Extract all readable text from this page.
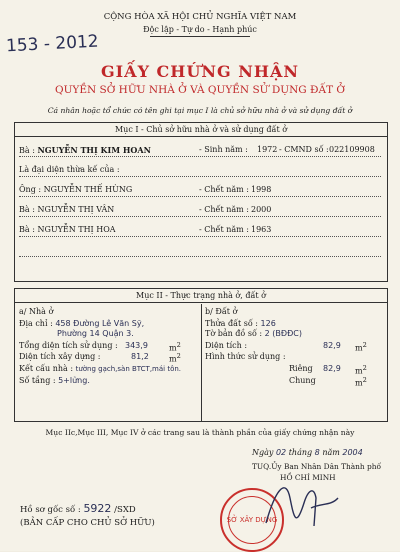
CỘNG HÒA XÃ HỘI CHỦ NGHĨA VIỆT NAM
Độc lập - Tự do - Hạnh phúc
153 - 2012
GIẤY CHỨNG NHẬN
QUYỀN SỞ HỮU NHÀ Ở VÀ QUYỀN SỬ DỤNG ĐẤT Ở
Cá nhân hoặc tổ chức có tên ghi tại mục I là chủ sở hữu nhà ở và sử dụng đất ở
Mục I - Chủ sở hữu nhà ở và sử dụng đất ở
Bà : NGUYỄN THỊ KIM HOAN	- Sinh năm : 1972 - CMND số : 022109908
Là đại diện thừa kế của :
Ông : NGUYỄN THẾ HÙNG	- Chết năm : 1998
Bà : NGUYỄN THỊ VÂN	- Chết năm : 2000
Bà : NGUYỄN THỊ HOA	- Chết năm : 1963
Mục II - Thực trạng nhà ở, đất ở
a/ Nhà ở
Địa chỉ : 458 Đường Lê Văn Sỹ,
Phường 14 Quận 3.
Tổng diện tích sử dụng : 343,9	$m^2$
Diện tích xây dựng :	81,2	$m^2$
Kết cấu nhà : tường gạch,sàn BTCT,mái tôn.
Số tầng : 5+lửng.
b/ Đất ở
Thửa đất số : 126
Tờ bản đồ số : 2 (BĐĐC)
Diện tích :	82,9 $m^2$
Hình thức sử dụng :
Riêng 82,9 $m^2$
Chung	$m^2$
Mục IIc,Mục III, Mục IV ở các trang sau là thành phần của giấy chứng nhận này
Ngày 02 tháng 8 năm 2004
TUQ.Ủy Ban Nhân Dân Thành phố
HỒ CHÍ MINH
SỞ XÂY DỰNG
Hồ sơ gốc số : 5922 /SXD
(BẢN CẤP CHO CHỦ SỞ HỮU)
